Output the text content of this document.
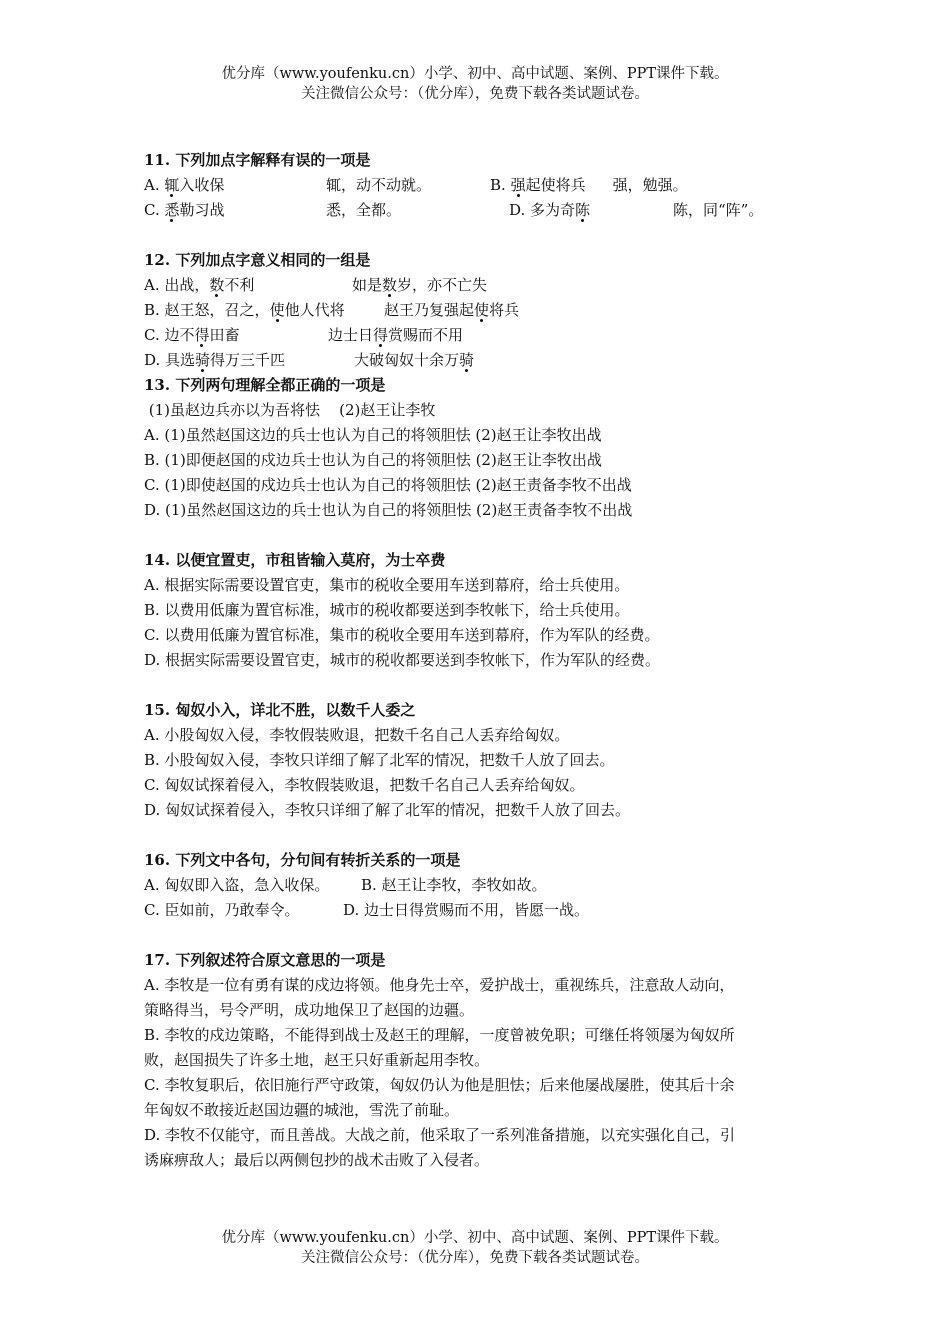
优分库（www.youfenku.cn）小学、初中、高中试题、案例、PPT课件下载。
关注微信公众号：（优分库），免费下载各类试题试卷。
11. 下列加点字解释有误的一项是
A. 辄入收保	辄，动不动就。	B. 强起使将兵 强，勉强。
C. 悉勒习战	悉，全都。	D. 多为奇陈	陈，同“阵”。
12. 下列加点字意义相同的一组是
A. 出战，数不利	如是数岁，亦不亡失
B. 赵王怒，召之，使他人代将	赵王乃复强起使将兵
C. 边不得田畜	边士日得赏赐而不用
D. 具选骑得万三千匹	大破匈奴十余万骑
13. 下列两句理解全都正确的一项是
(1)虽赵边兵亦以为吾将怯    (2)赵王让李牧
A. (1)虽然赵国这边的兵士也认为自己的将领胆怯 (2)赵王让李牧出战
B. (1)即便赵国的戍边兵士也认为自己的将领胆怯 (2)赵王让李牧出战
C. (1)即使赵国的戍边兵士也认为自己的将领胆怯 (2)赵王责备李牧不出战
D. (1)虽然赵国这边的兵士也认为自己的将领胆怯 (2)赵王责备李牧不出战
14. 以便宜置吏，市租皆输入莫府，为士卒费
A. 根据实际需要设置官吏，集市的税收全要用车送到幕府，给士兵使用。
B. 以费用低廉为置官标准，城市的税收都要送到李牧帐下，给士兵使用。
C. 以费用低廉为置官标准，集市的税收全要用车送到幕府，作为军队的经费。
D. 根据实际需要设置官吏，城市的税收都要送到李牧帐下，作为军队的经费。
15. 匈奴小入，详北不胜，以数千人委之
A. 小股匈奴入侵，李牧假装败退，把数千名自己人丢弃给匈奴。
B. 小股匈奴入侵，李牧只详细了解了北军的情况，把数千人放了回去。
C. 匈奴试探着侵入，李牧假装败退，把数千名自己人丢弃给匈奴。
D. 匈奴试探着侵入，李牧只详细了解了北军的情况，把数千人放了回去。
16. 下列文中各句，分句间有转折关系的一项是
A. 匈奴即入盗，急入收保。 B. 赵王让李牧，李牧如故。
C. 臣如前，乃敢奉令。	D. 边士日得赏赐而不用，皆愿一战。
17. 下列叙述符合原文意思的一项是
A. 李牧是一位有勇有谋的戍边将领。他身先士卒，爱护战士，重视练兵，注意敌人动向，
策略得当，号令严明，成功地保卫了赵国的边疆。
B. 李牧的戍边策略，不能得到战士及赵王的理解，一度曾被免职；可继任将领屡为匈奴所
败，赵国损失了许多土地，赵王只好重新起用李牧。
C. 李牧复职后，依旧施行严守政策，匈奴仍认为他是胆怯；后来他屡战屡胜，使其后十余
年匈奴不敢接近赵国边疆的城池，雪洗了前耻。
D. 李牧不仅能守，而且善战。大战之前，他采取了一系列准备措施，以充实强化自己，引
诱麻痹敌人；最后以两侧包抄的战术击败了入侵者。
优分库（www.youfenku.cn）小学、初中、高中试题、案例、PPT课件下载。
关注微信公众号：（优分库），免费下载各类试题试卷。
